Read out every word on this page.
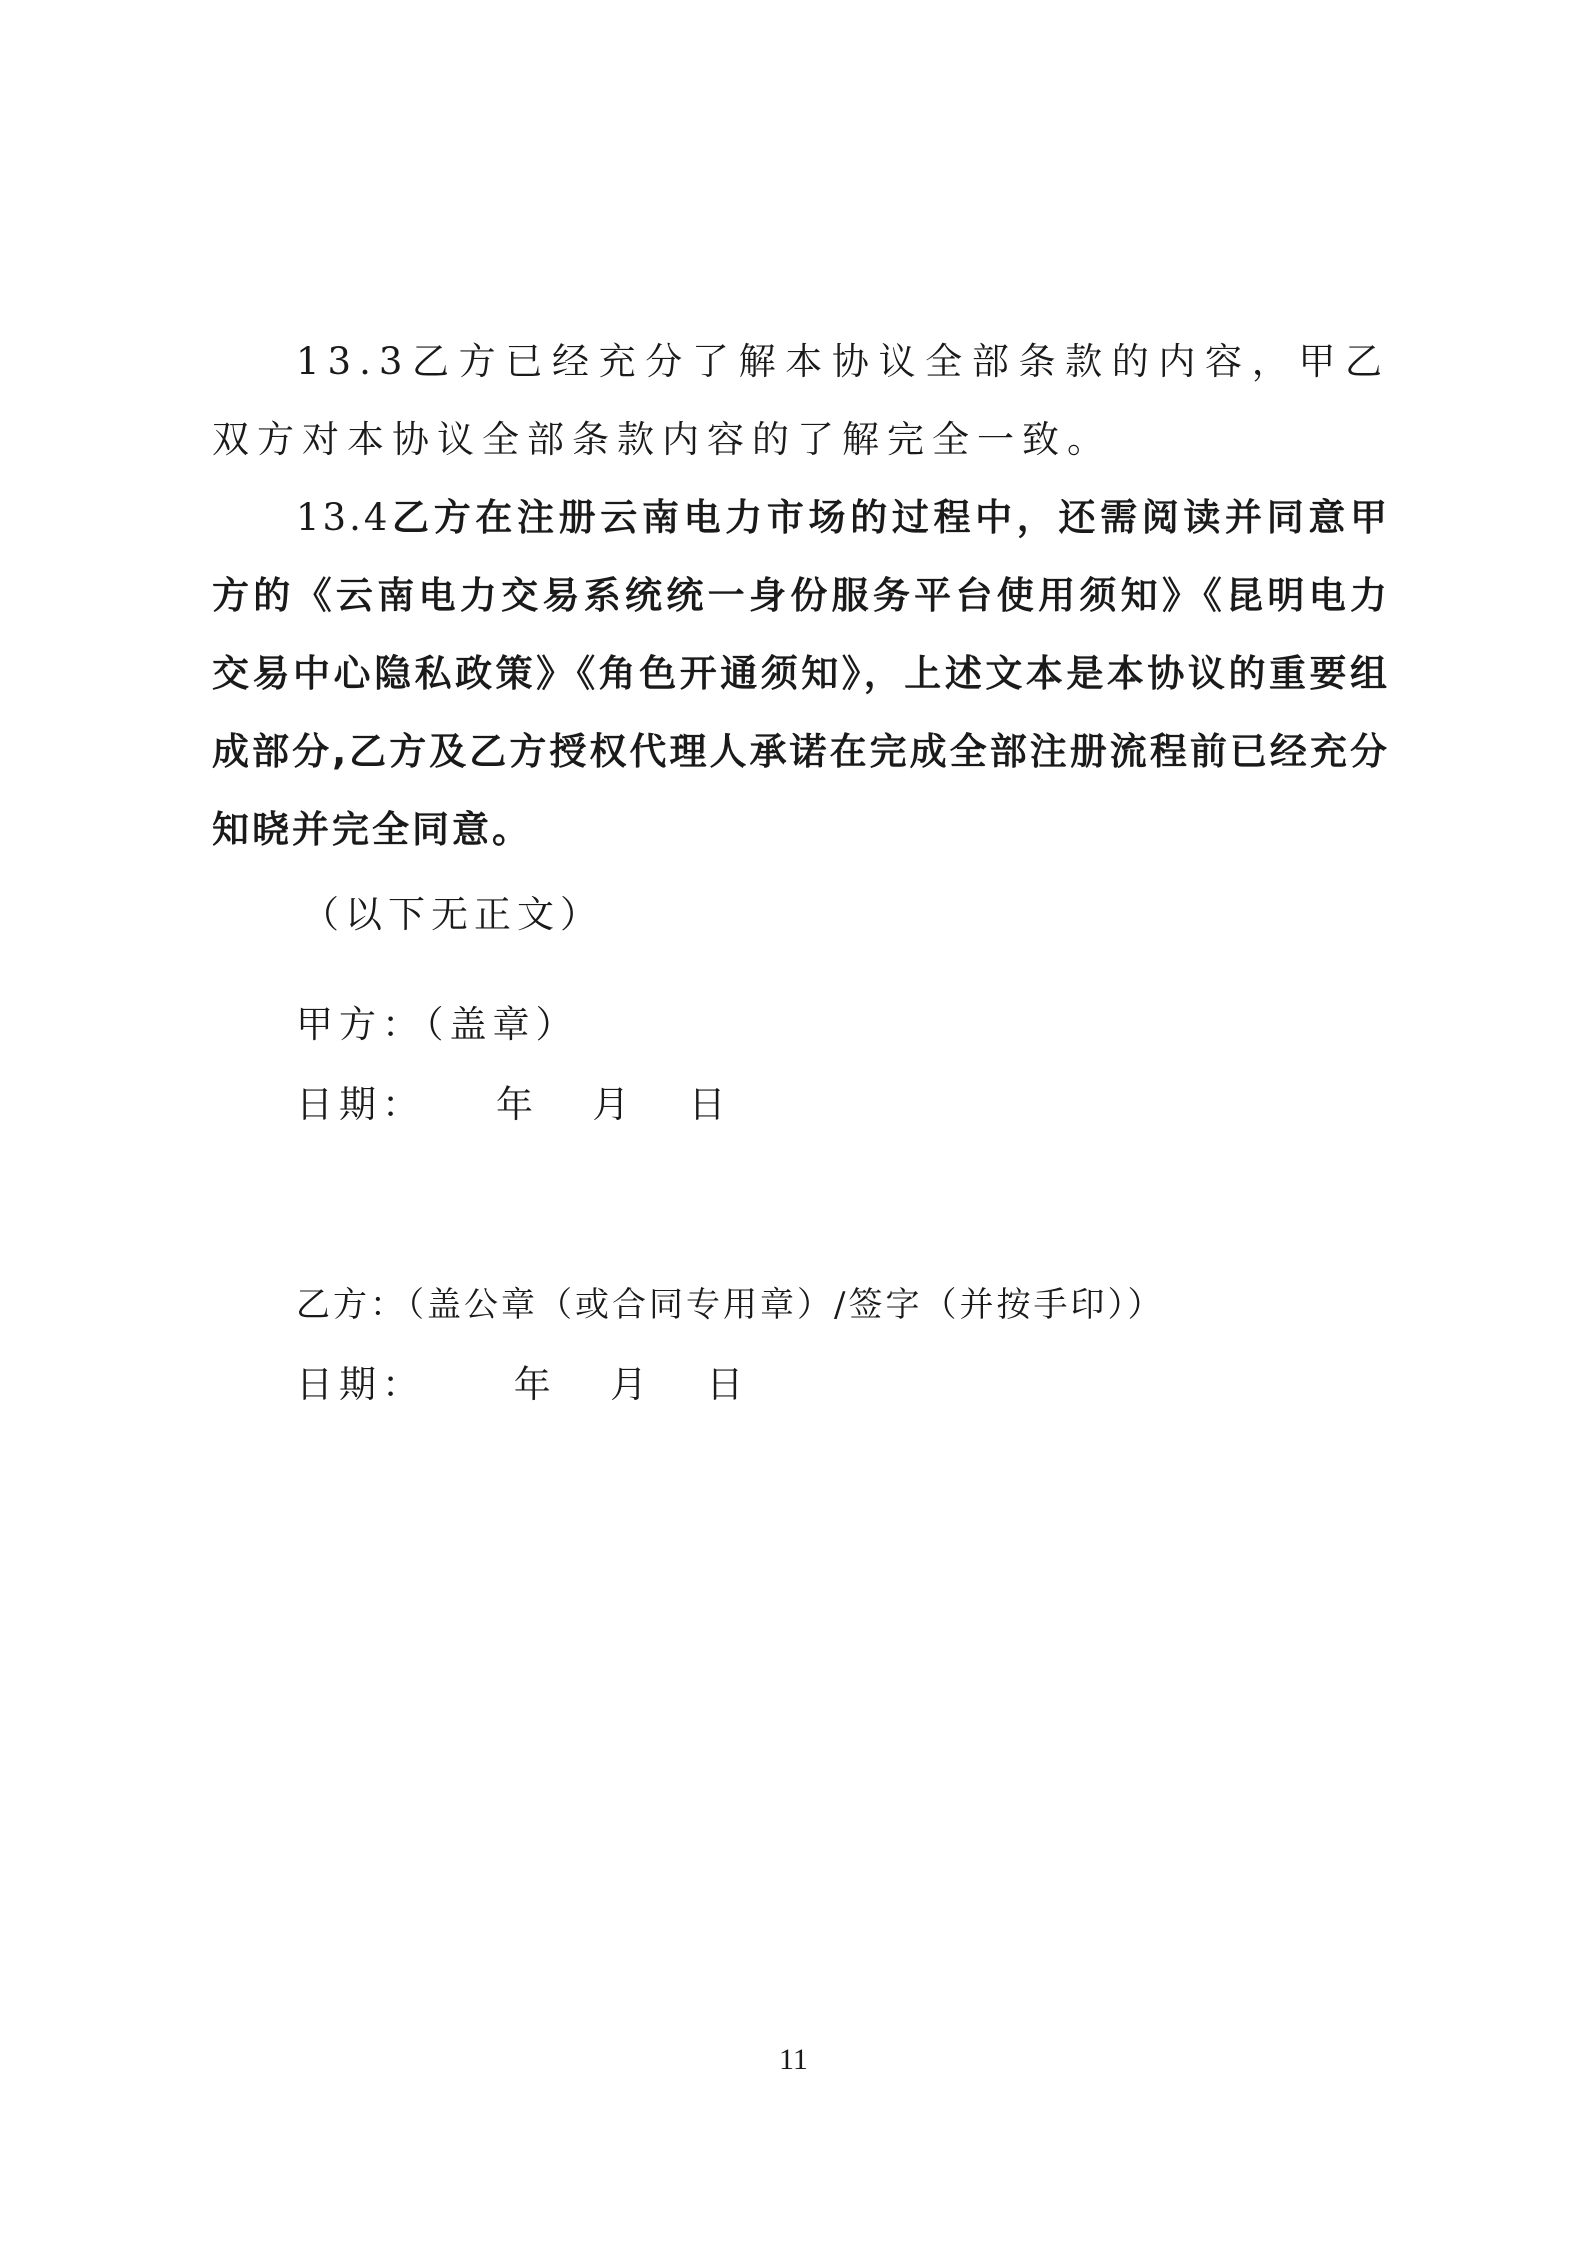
13.3乙方已经充分了解本协议全部条款的内容，甲乙双方对本协议全部条款内容的了解完全一致。

13.4乙方在注册云南电力市场的过程中，还需阅读并同意甲方的《云南电力交易系统统一身份服务平台使用须知》《昆明电力交易中心隐私政策》《角色开通须知》，上述文本是本协议的重要组成部分,乙方及乙方授权代理人承诺在完成全部注册流程前已经充分知晓并完全同意。

（以下无正文）
甲方：（盖章）
日期：    年   月   日
乙方：（盖公章（或合同专用章）/签字（并按手印））
日期：     年   月   日
11
